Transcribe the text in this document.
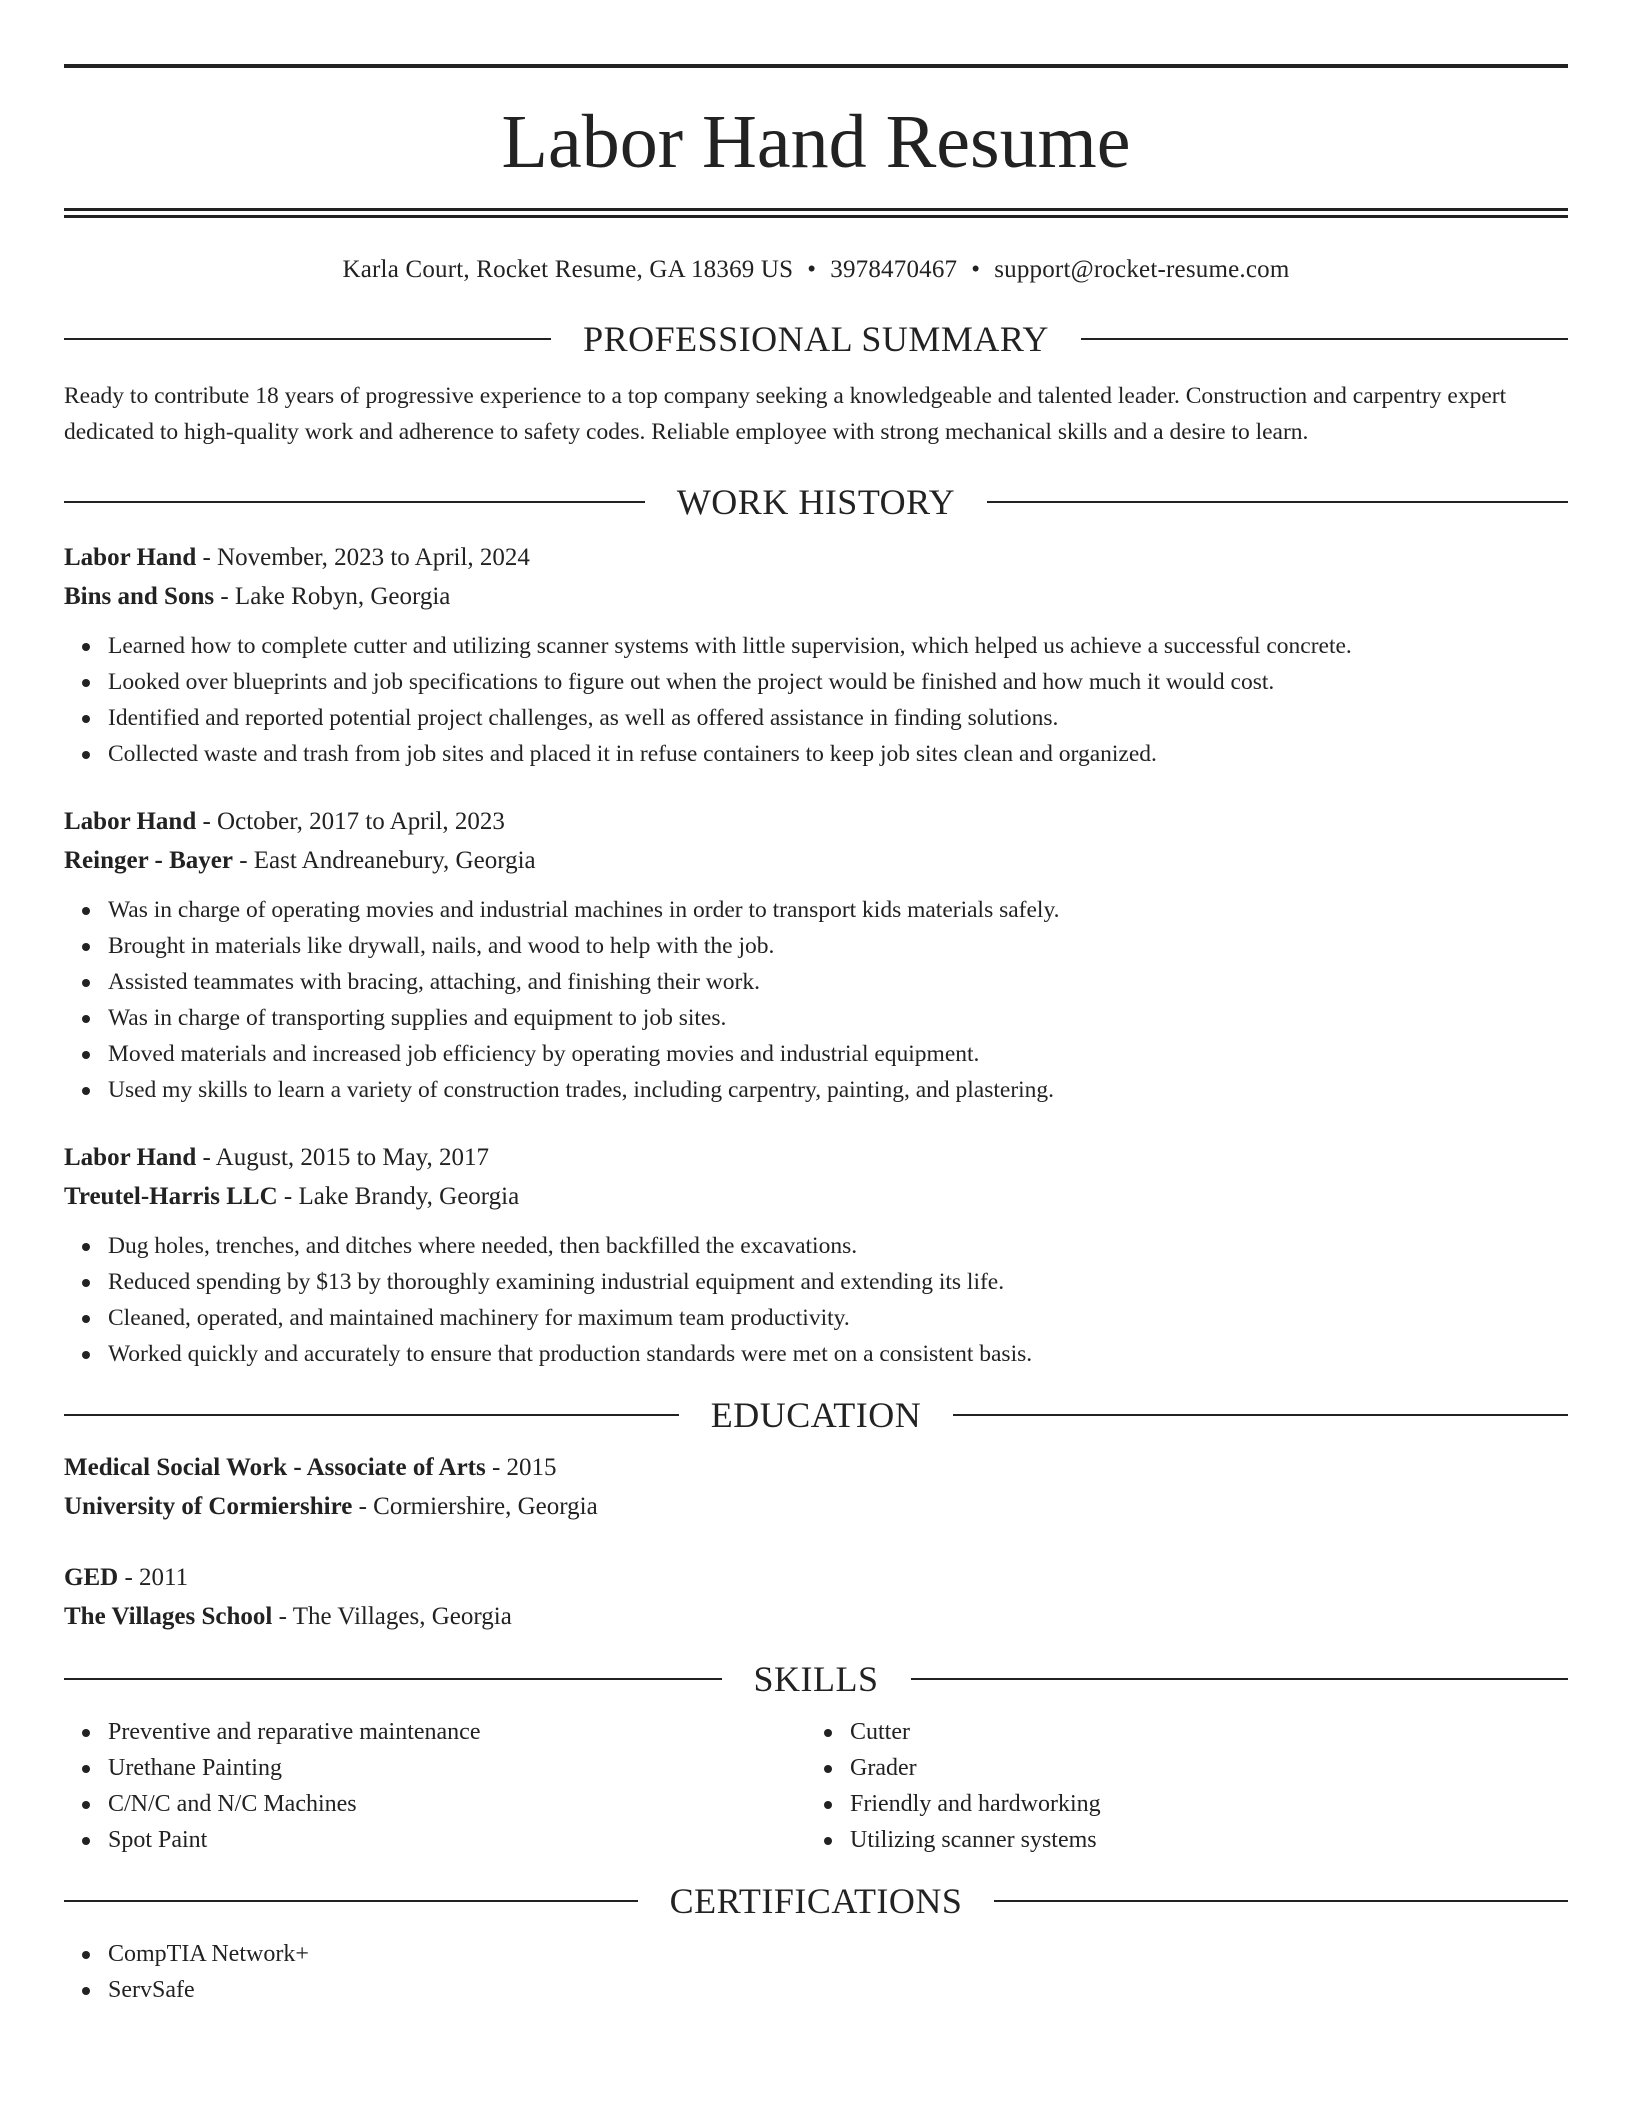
Labor Hand Resume
Karla Court, Rocket Resume, GA 18369 US • 3978470467 • support@rocket-resume.com
PROFESSIONAL SUMMARY

Ready to contribute 18 years of progressive experience to a top company seeking a knowledgeable and talented leader. Construction and carpentry expert dedicated to high-quality work and adherence to safety codes. Reliable employee with strong mechanical skills and a desire to learn.

WORK HISTORY
Labor Hand - November, 2023 to April, 2024
Bins and Sons - Lake Robyn, Georgia
Learned how to complete cutter and utilizing scanner systems with little supervision, which helped us achieve a successful concrete.
Looked over blueprints and job specifications to figure out when the project would be finished and how much it would cost.
Identified and reported potential project challenges, as well as offered assistance in finding solutions.
Collected waste and trash from job sites and placed it in refuse containers to keep job sites clean and organized.
Labor Hand - October, 2017 to April, 2023
Reinger - Bayer - East Andreanebury, Georgia
Was in charge of operating movies and industrial machines in order to transport kids materials safely.
Brought in materials like drywall, nails, and wood to help with the job.
Assisted teammates with bracing, attaching, and finishing their work.
Was in charge of transporting supplies and equipment to job sites.
Moved materials and increased job efficiency by operating movies and industrial equipment.
Used my skills to learn a variety of construction trades, including carpentry, painting, and plastering.
Labor Hand - August, 2015 to May, 2017
Treutel-Harris LLC - Lake Brandy, Georgia
Dug holes, trenches, and ditches where needed, then backfilled the excavations.
Reduced spending by $13 by thoroughly examining industrial equipment and extending its life.
Cleaned, operated, and maintained machinery for maximum team productivity.
Worked quickly and accurately to ensure that production standards were met on a consistent basis.
EDUCATION
Medical Social Work - Associate of Arts - 2015
University of Cormiershire - Cormiershire, Georgia
GED - 2011
The Villages School - The Villages, Georgia
SKILLS
Preventive and reparative maintenance
Urethane Painting
C/N/C and N/C Machines
Spot Paint
Cutter
Grader
Friendly and hardworking
Utilizing scanner systems
CERTIFICATIONS
CompTIA Network+
ServSafe
